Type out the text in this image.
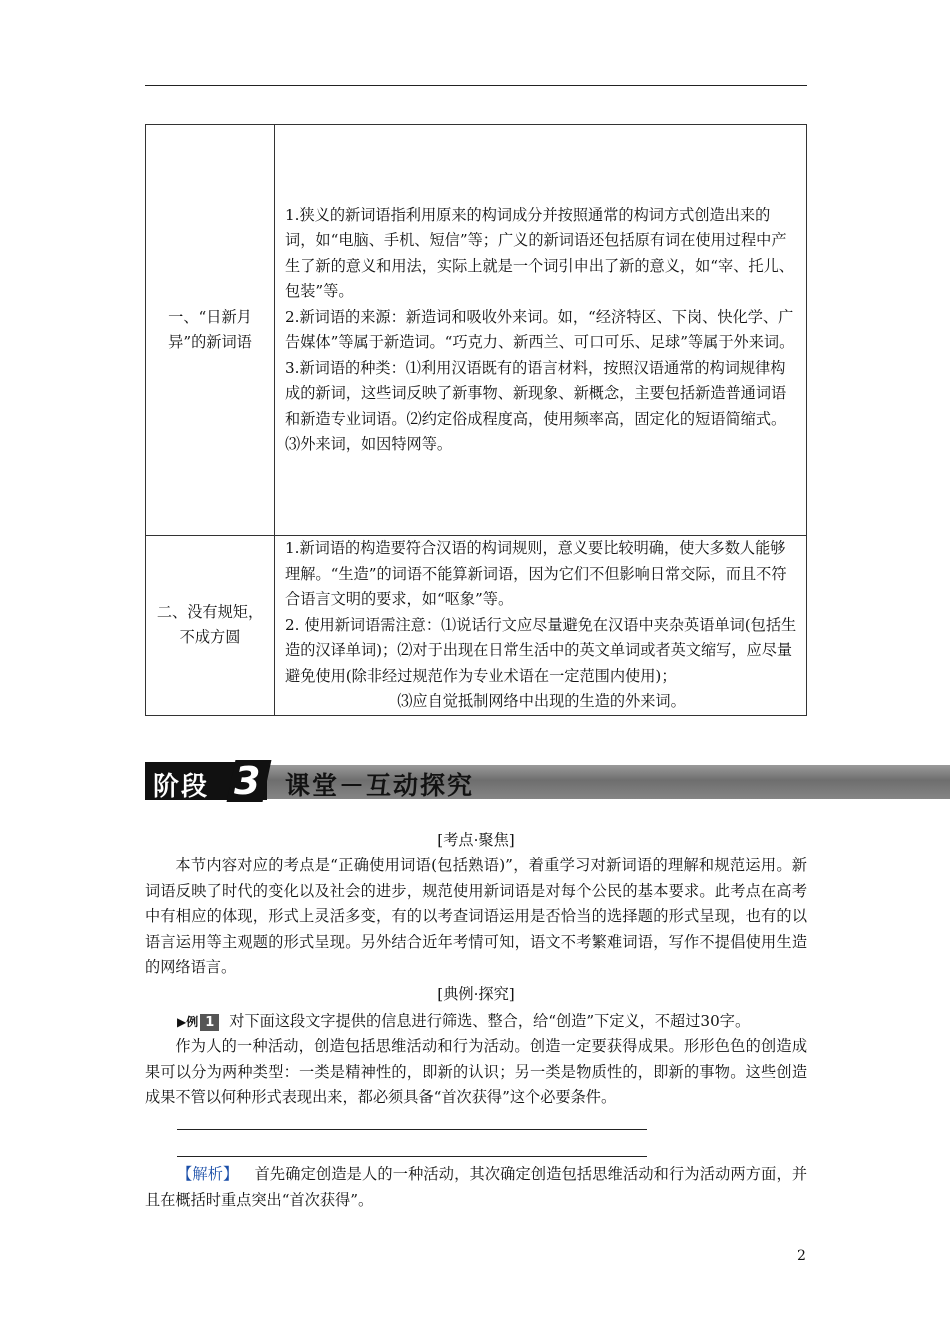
一、“日新月异”的新词语	1.狭义的新词语指利用原来的构词成分并按照通常的构词方式创造出来的词，如“电脑、手机、短信”等；广义的新词语还包括原有词在使用过程中产生了新的意义和用法，实际上就是一个词引申出了新的意义，如“宰、托儿、包装”等。
2.新词语的来源：新造词和吸收外来词。如，“经济特区、下岗、快化学、广告媒体”等属于新造词。“巧克力、新西兰、可口可乐、足球”等属于外来词。
3.新词语的种类：⑴利用汉语既有的语言材料，按照汉语通常的构词规律构成的新词，这些词反映了新事物、新现象、新概念，主要包括新造普通词语和新造专业词语。⑵约定俗成程度高，使用频率高，固定化的短语简缩式。⑶外来词，如因特网等。

二、没有规矩，不成方圆	1.新词语的构造要符合汉语的构词规则，意义要比较明确，使大多数人能够理解。“生造”的词语不能算新词语，因为它们不但影响日常交际，而且不符合语言文明的要求，如“呕象”等。
2. 使用新词语需注意：⑴说话行文应尽量避免在汉语中夹杂英语单词(包括生造的汉译单词)；⑵对于出现在日常生活中的英文单词或者英文缩写，应尽量避免使用(除非经过规范作为专业术语在一定范围内使用)；
⑶应自觉抵制网络中出现的生造的外来词。
阶段 3 课堂－互动探究
[考点·聚焦]
本节内容对应的考点是“正确使用词语(包括熟语)”，着重学习对新词语的理解和规范运用。新词语反映了时代的变化以及社会的进步，规范使用新词语是对每个公民的基本要求。此考点在高考中有相应的体现，形式上灵活多变，有的以考查词语运用是否恰当的选择题的形式呈现，也有的以语言运用等主观题的形式呈现。另外结合近年考情可知，语文不考繁难词语，写作不提倡使用生造的网络语言。
[典例·探究]
▶例 1 对下面这段文字提供的信息进行筛选、整合，给“创造”下定义，不超过30字。
作为人的一种活动，创造包括思维活动和行为活动。创造一定要获得成果。形形色色的创造成果可以分为两种类型：一类是精神性的，即新的认识；另一类是物质性的，即新的事物。这些创造成果不管以何种形式表现出来，都必须具备“首次获得”这个必要条件。
【解析】 首先确定创造是人的一种活动，其次确定创造包括思维活动和行为活动两方面，并且在概括时重点突出“首次获得”。
2
